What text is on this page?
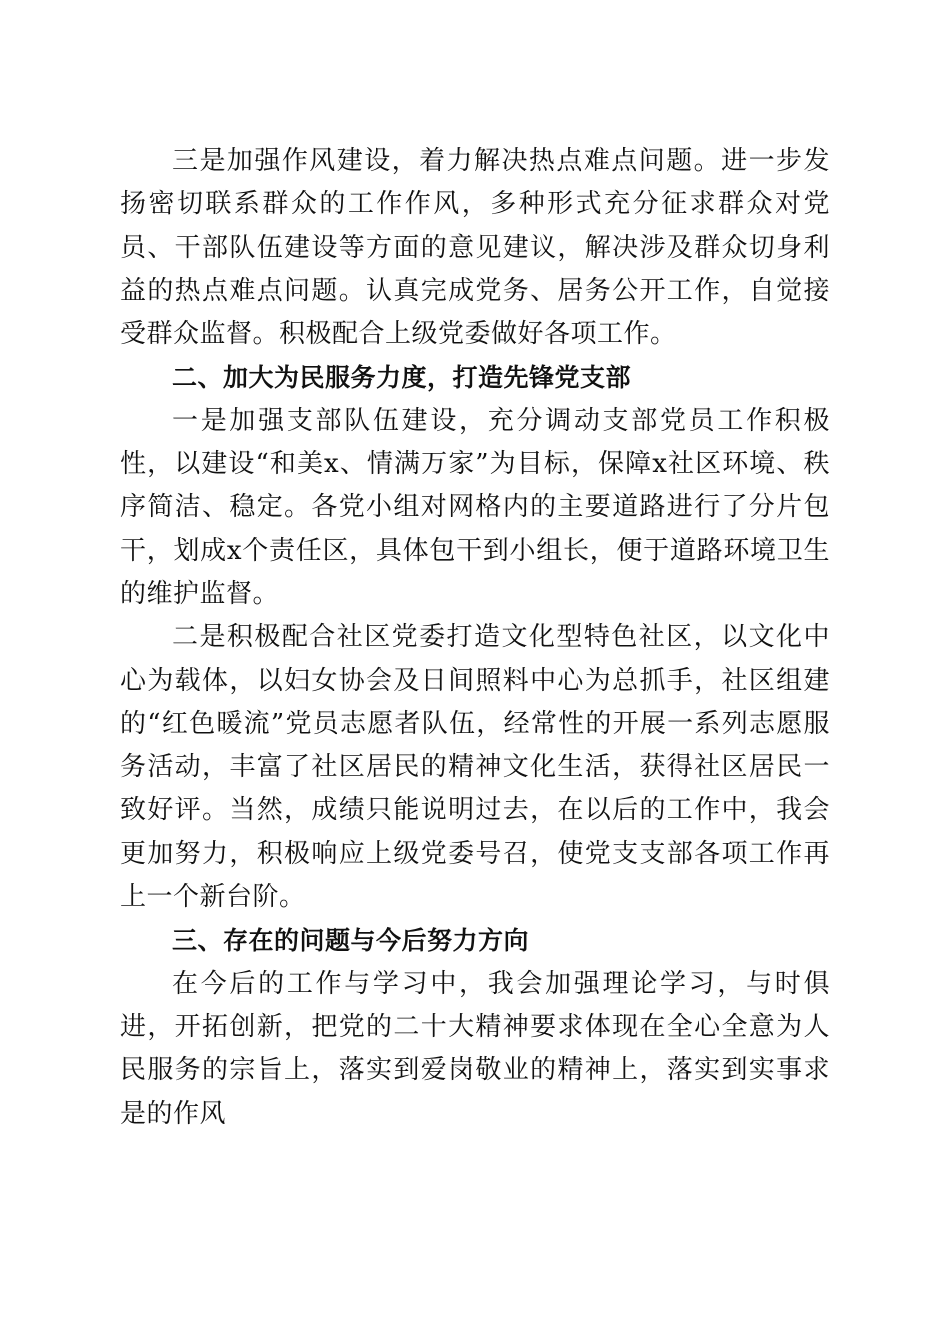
三是加强作风建设，着力解决热点难点问题。进一步发扬密切联系群众的工作作风，多种形式充分征求群众对党员、干部队伍建设等方面的意见建议，解决涉及群众切身利益的热点难点问题。认真完成党务、居务公开工作，自觉接受群众监督。积极配合上级党委做好各项工作。

二、加大为民服务力度，打造先锋党支部

一是加强支部队伍建设，充分调动支部党员工作积极性，以建设“和美x、情满万家”为目标，保障x社区环境、秩序简洁、稳定。各党小组对网格内的主要道路进行了分片包干，划成x个责任区，具体包干到小组长，便于道路环境卫生的维护监督。

二是积极配合社区党委打造文化型特色社区，以文化中心为载体，以妇女协会及日间照料中心为总抓手，社区组建的“红色暖流”党员志愿者队伍，经常性的开展一系列志愿服务活动，丰富了社区居民的精神文化生活，获得社区居民一致好评。当然，成绩只能说明过去，在以后的工作中，我会更加努力，积极响应上级党委号召，使党支支部各项工作再上一个新台阶。

三、存在的问题与今后努力方向

在今后的工作与学习中，我会加强理论学习，与时俱进，开拓创新，把党的二十大精神要求体现在全心全意为人民服务的宗旨上，落实到爱岗敬业的精神上，落实到实事求是的作风
